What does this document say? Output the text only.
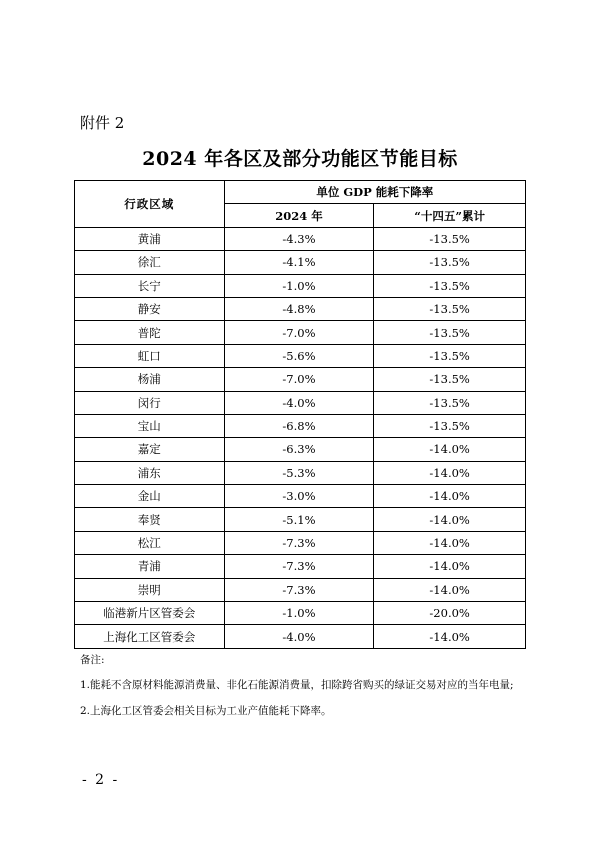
附件 2
2024 年各区及部分功能区节能目标
行政区域	单位 GDP 能耗下降率	
	2024 年	“十四五”累计
黄浦	-4.3%	-13.5%
徐汇	-4.1%	-13.5%
长宁	-1.0%	-13.5%
静安	-4.8%	-13.5%
普陀	-7.0%	-13.5%
虹口	-5.6%	-13.5%
杨浦	-7.0%	-13.5%
闵行	-4.0%	-13.5%
宝山	-6.8%	-13.5%
嘉定	-6.3%	-14.0%
浦东	-5.3%	-14.0%
金山	-3.0%	-14.0%
奉贤	-5.1%	-14.0%
松江	-7.3%	-14.0%
青浦	-7.3%	-14.0%
崇明	-7.3%	-14.0%
临港新片区管委会	-1.0%	-20.0%
上海化工区管委会	-4.0%	-14.0%
备注:
1.能耗不含原材料能源消费量、非化石能源消费量，扣除跨省购买的绿证交易对应的当年电量;
2.上海化工区管委会相关目标为工业产值能耗下降率。
- 2 -
